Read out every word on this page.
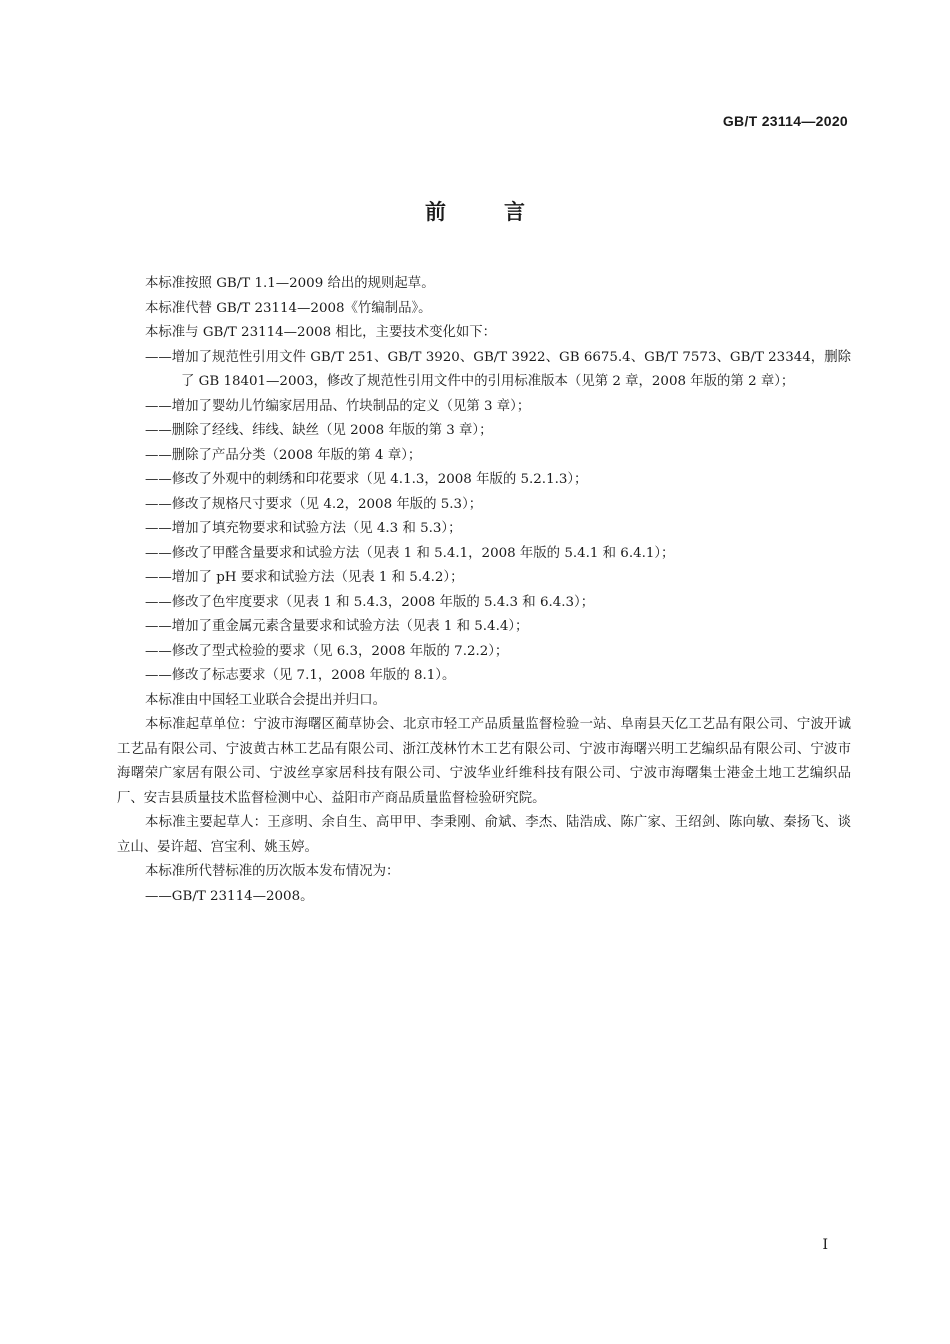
GB/T 23114—2020
前言

本标准按照 GB/T 1.1—2009 给出的规则起草。

本标准代替 GB/T 23114—2008《竹编制品》。

本标准与 GB/T 23114—2008 相比，主要技术变化如下：

——增加了规范性引用文件 GB/T 251、GB/T 3920、GB/T 3922、GB 6675.4、GB/T 7573、GB/T 23344，删除了 GB 18401—2003，修改了规范性引用文件中的引用标准版本（见第 2 章，2008 年版的第 2 章）；

——增加了婴幼儿竹编家居用品、竹块制品的定义（见第 3 章）；

——删除了经线、纬线、缺丝（见 2008 年版的第 3 章）；

——删除了产品分类（2008 年版的第 4 章）；

——修改了外观中的刺绣和印花要求（见 4.1.3，2008 年版的 5.2.1.3）；

——修改了规格尺寸要求（见 4.2，2008 年版的 5.3）；

——增加了填充物要求和试验方法（见 4.3 和 5.3）；

——修改了甲醛含量要求和试验方法（见表 1 和 5.4.1，2008 年版的 5.4.1 和 6.4.1）；

——增加了 pH 要求和试验方法（见表 1 和 5.4.2）；

——修改了色牢度要求（见表 1 和 5.4.3，2008 年版的 5.4.3 和 6.4.3）；

——增加了重金属元素含量要求和试验方法（见表 1 和 5.4.4）；

——修改了型式检验的要求（见 6.3，2008 年版的 7.2.2）；

——修改了标志要求（见 7.1，2008 年版的 8.1）。

本标准由中国轻工业联合会提出并归口。

本标准起草单位：宁波市海曙区蔺草协会、北京市轻工产品质量监督检验一站、阜南县天亿工艺品有限公司、宁波开诚工艺品有限公司、宁波黄古林工艺品有限公司、浙江茂林竹木工艺有限公司、宁波市海曙兴明工艺编织品有限公司、宁波市海曙荣广家居有限公司、宁波丝享家居科技有限公司、宁波华业纤维科技有限公司、宁波市海曙集士港金土地工艺编织品厂、安吉县质量技术监督检测中心、益阳市产商品质量监督检验研究院。

本标准主要起草人：王彦明、余自生、高甲甲、李秉刚、俞斌、李杰、陆浩成、陈广家、王绍剑、陈向敏、秦扬飞、谈立山、晏许超、宫宝利、姚玉婷。

本标准所代替标准的历次版本发布情况为：

——GB/T 23114—2008。

I
